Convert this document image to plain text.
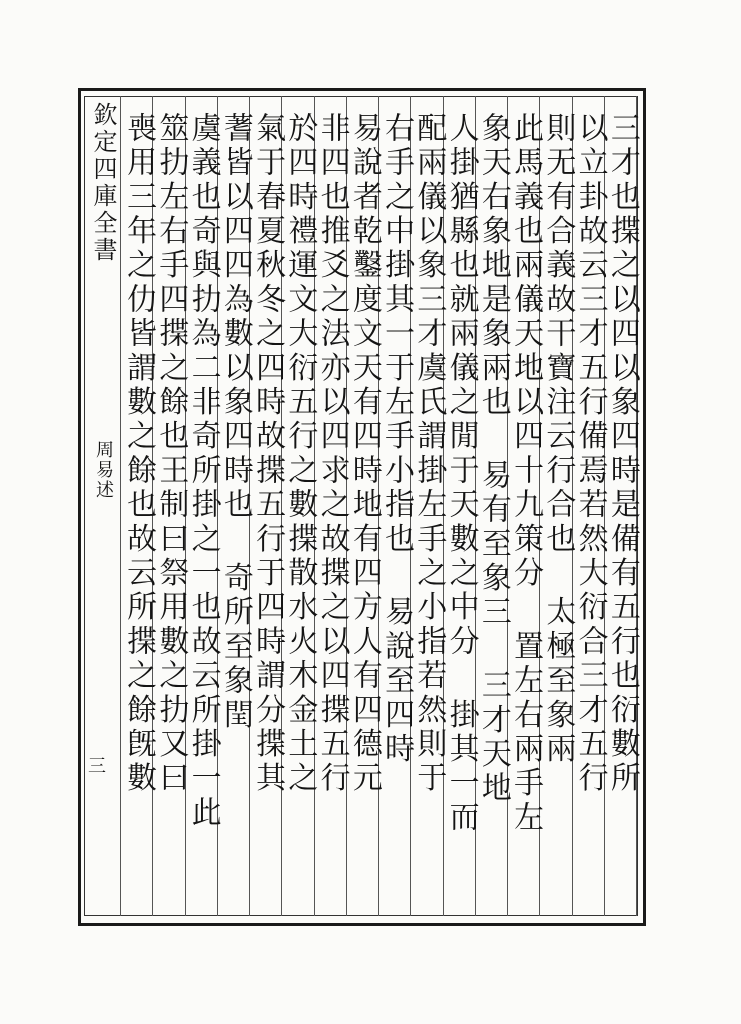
欽定四庫全書
周易述
三	三才也揲之以四以象四時是備有五行也衍數所
以立卦故云三才五行備焉若然大衍合三才五行
則无有合義故干寶注云行合也 太極至象兩
此馬義也兩儀天地以四十九策分 置左右兩手左
象天右象地是象兩也 易有至象三 三才天地
人掛猶縣也就兩儀之閒于天數之中分 掛其一而
配兩儀以象三才虞氏謂掛左手之小指若然則于
右手之中掛其一于左手小指也 易說至四時
易說者乾鑿度文天有四時地有四方人有四德元
非四也推爻之法亦以四求之故揲之以四揲五行
於四時禮運文大衍五行之數揲散水火木金土之
氣于春夏秋冬之四時故揲五行于四時謂分揲其
蓍皆以四四為數以象四時也 奇所至象閏
虞義也奇與扐為二非奇所掛之一也故云所掛一此
筮扐左右手四揲之餘也王制曰祭用數之扐又曰
喪用三年之仂皆謂數之餘也故云所揲之餘旣數
